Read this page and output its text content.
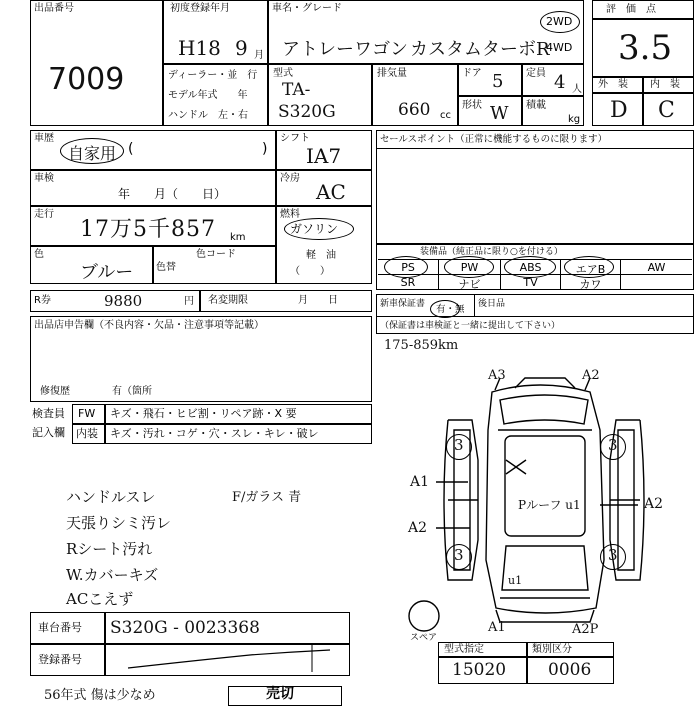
出品番号
7009
初度登録年月
H18 9 月
車名・グレード
アトレーワゴン カスタムターボR
2WD
4WD
評　価　点
3.5
外　装 内　装
D C
ディーラー・並　行
モデル年式　　年
ハンドル　左・右
型式
TA-
S320G
排気量
660 cc
ドア 5 定員 4 人
形状 W 積載
kg
車歴
自家用 (	)
車検
年　　月（　　日）
走行
17万5千857 km
色
ブルー 色替
色コード
シフト
IA7
冷房
AC
燃料
ガソリン
軽　油
（　　）
セールスポイント（正常に機能するものに限ります）
装備品（純正品に限り○を付ける）
PS	PW	ABS	エアB	AW
SR	ナビ	TV	カワ
R券	9880	円 名変期限	月　　日	新車保証書 有・無 後日品
（保証書は車検証と一緒に提出して下さい）
175-859km
出品店申告欄（不良内容・欠品・注意事項等記載）
修復歴	有（箇所
検査員
記入欄
FW キズ・飛石・ヒビ割・リペア跡・X 要
内装 キズ・汚れ・コゲ・穴・スレ・キレ・破レ
ハンドルスレ
天張りシミ汚レ
Rシート汚れ
W.カバーキズ
ACこえず
F/ガラス 青
3	3
3	3
A3	A2
A1
A2
A2
Pルーフ u1
u1
A1	A2P
スペア
車台番号 S320G - 0023368
登録番号
型式指定	類別区分
15020 0006
56年式 傷は少なめ	売切
